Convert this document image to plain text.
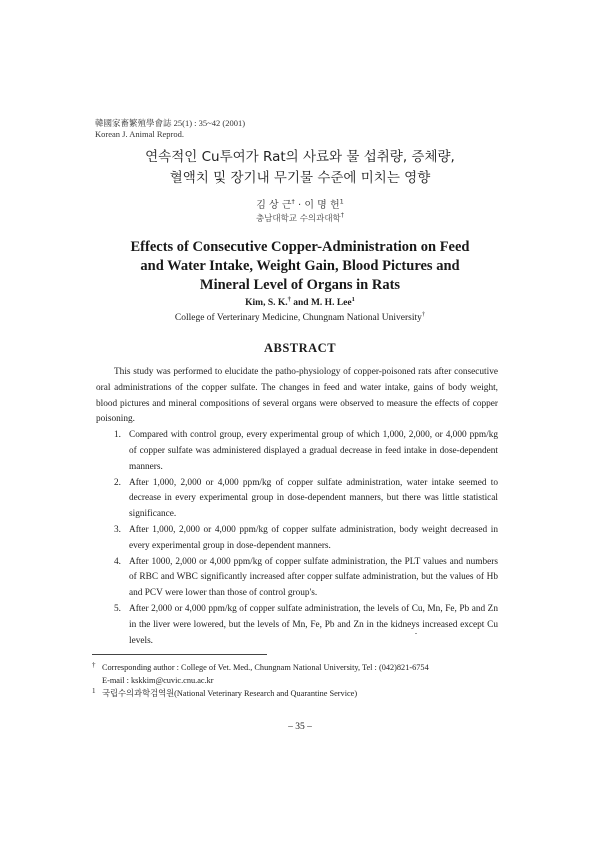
韓國家畜繁殖學會誌 25(1) : 35~42 (2001)
Korean J. Animal Reprod.
연속적인 Cu투여가 Rat의 사료와 물 섭취량, 증체량,
혈액치 및 장기내 무기물 수준에 미치는 영향
김 상 근† · 이 명 헌$^1$
충남대학교 수의과대학†
Effects of Consecutive Copper-Administration on Feed
and Water Intake, Weight Gain, Blood Pictures and
Mineral Level of Organs in Rats
Kim, S. K.† and M. H. Lee$^1$
College of Verterinary Medicine, Chungnam National University†
ABSTRACT

This study was performed to elucidate the patho-physiology of copper-poisoned rats after consecutive oral administrations of the copper sulfate. The changes in feed and water intake, gains of body weight, blood pictures and mineral compositions of several organs were observed to measure the effects of copper poisoning.

1. Compared with control group, every experimental group of which 1,000, 2,000, or 4,000 ppm/kg of copper sulfate was administered displayed a gradual decrease in feed intake in dose-dependent manners.
2. After 1,000, 2,000 or 4,000 ppm/kg of copper sulfate administration, water intake seemed to decrease in every experimental group in dose-dependent manners, but there was little statistical significance.
3. After 1,000, 2,000 or 4,000 ppm/kg of copper sulfate administration, body weight decreased in every experimental group in dose-dependent manners.
4. After 1000, 2,000 or 4,000 ppm/kg of copper sulfate administration, the PLT values and numbers of RBC and WBC significantly increased after copper sulfate administration, but the values of Hb and PCV were lower than those of control group's.
5. After 2,000 or 4,000 ppm/kg of copper sulfate administration, the levels of Cu, Mn, Fe, Pb and Zn in the liver were lowered, but the levels of Mn, Fe, Pb and Zn in the kidneys increased except Cu levels.
† Corresponding author : College of Vet. Med., Chungnam National University, Tel : (042)821-6754
E-mail : kskkim@cuvic.cnu.ac.kr
1 국립수의과학검역원(National Veterinary Research and Quarantine Service)
– 35 –
